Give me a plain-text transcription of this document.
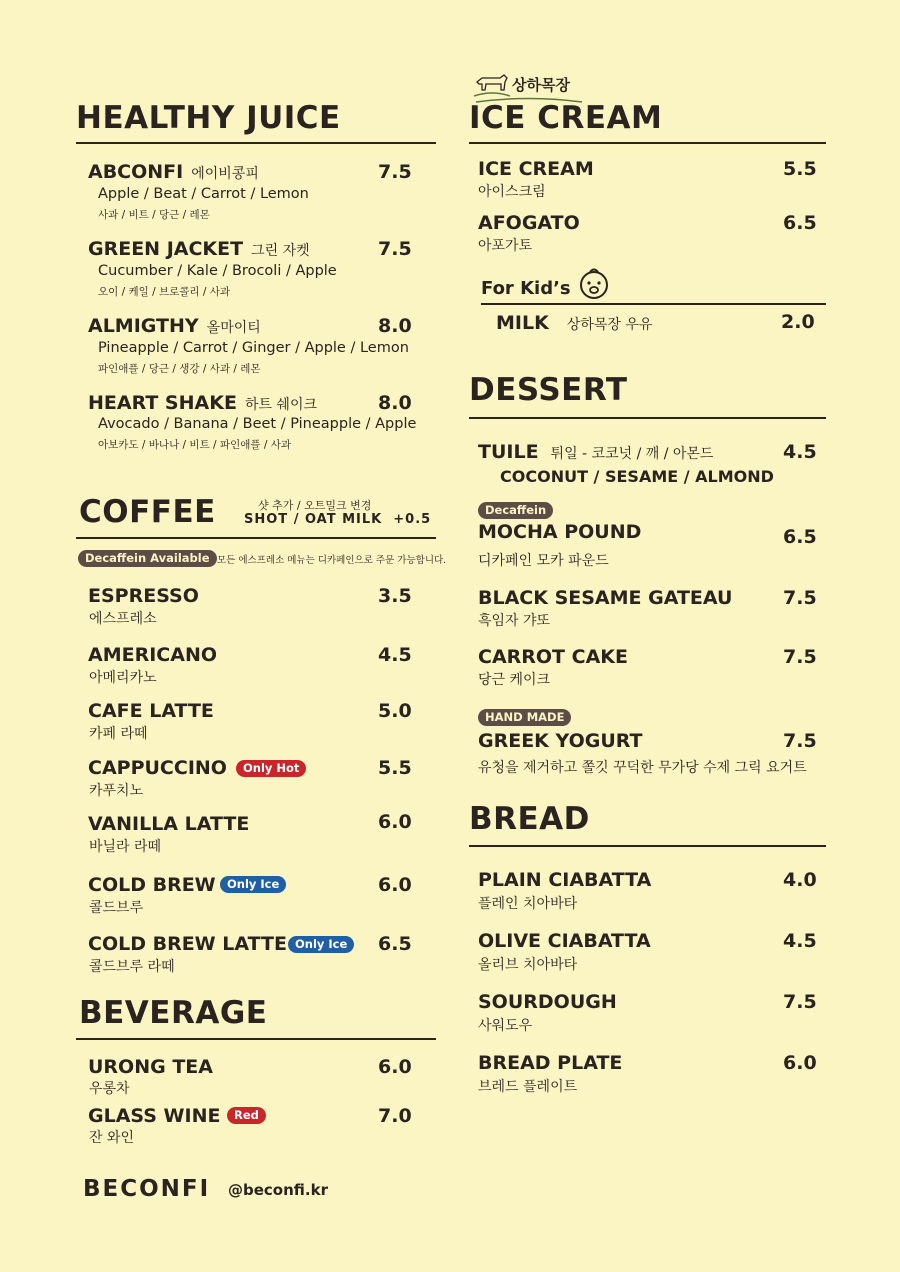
HEALTHY JUICE
ABCONFI 에이비콩피	7.5
Apple / Beat / Carrot / Lemon
사과 / 비트 / 당근 / 레몬
GREEN JACKET 그린 자켓	7.5
Cucumber / Kale / Brocoli / Apple
오이 / 케일 / 브로콜리 / 사과
ALMIGTHY 올마이티	8.0
Pineapple / Carrot / Ginger / Apple / Lemon
파인애플 / 당근 / 생강 / 사과 / 레몬
HEART SHAKE 하트 쉐이크	8.0
Avocado / Banana / Beet / Pineapple / Apple
아보카도 / 바나나 / 비트 / 파인애플 / 사과
COFFEE	샷 추가 / 오트밀크 변경
SHOT / OAT MILK  +0.5
Decaffein Available 모든 에스프레소 메뉴는 디카페인으로 주문 가능합니다.
ESPRESSO	3.5
에스프레소
AMERICANO	4.5
아메리카노
CAFE LATTE	5.0
카페 라떼
CAPPUCCINO	Only Hot	5.5
카푸치노
VANILLA LATTE	6.0
바닐라 라떼
COLD BREW Only Ice	6.0
콜드브루
COLD BREW LATTE Only Ice	6.5
콜드브루 라떼
BEVERAGE
URONG TEA	6.0
우롱차
GLASS WINE	Red	7.0
잔 와인
BECONFI @beconfi.kr
상하목장
ICE CREAM
ICE CREAM	5.5
아이스크림
AFOGATO	6.5
아포가토
For Kid’s
MILK 상하목장 우유	2.0
DESSERT
TUILE 튀일 - 코코넛 / 깨 / 아몬드	4.5
COCONUT / SESAME / ALMOND
Decaffein
MOCHA POUND	6.5
디카페인 모카 파운드
BLACK SESAME GATEAU	7.5
흑임자 갸또
CARROT CAKE	7.5
당근 케이크
HAND MADE
GREEK YOGURT	7.5
유청을 제거하고 쫄깃 꾸덕한 무가당 수제 그릭 요거트
BREAD
PLAIN CIABATTA	4.0
플레인 치아바타
OLIVE CIABATTA	4.5
올리브 치아바타
SOURDOUGH	7.5
사워도우
BREAD PLATE	6.0
브레드 플레이트
